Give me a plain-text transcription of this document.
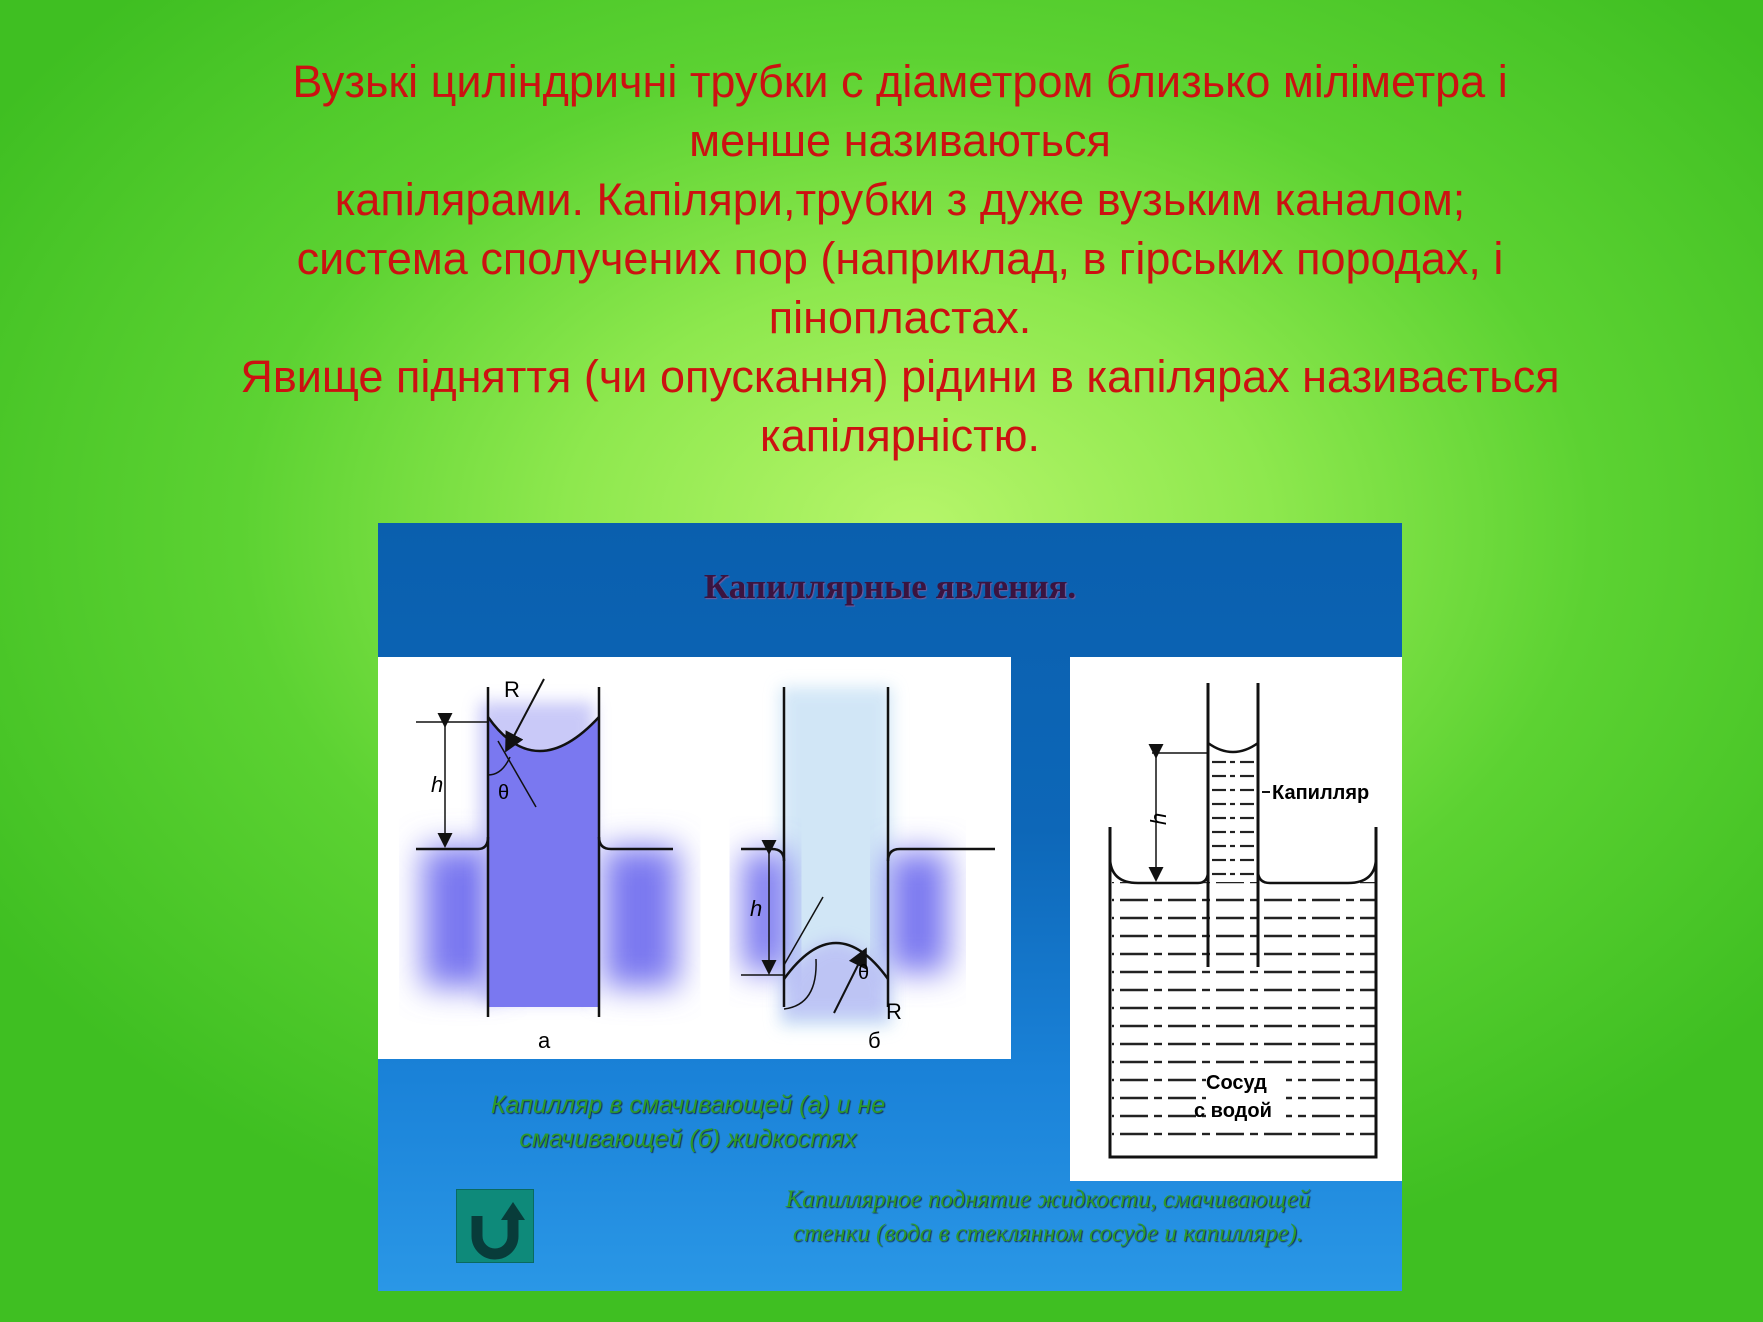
Вузькі циліндричні трубки с діаметром близько міліметра і
менше називаються
капілярами. Капіляри,трубки з дуже вузьким каналом;
система сполучених пор (наприклад, в гірських породах, і
пінопластах.
Явище підняття (чи опускання) рідини в капілярах називається
капілярністю.
Капиллярные явления.
h
R
θ
а
h
θ
R
б
h
Капилляр
Сосуд
с водой
Капилляр в смачивающей (а) и не
смачивающей (б) жидкостях
Капиллярное поднятие жидкости, смачивающей
стенки (вода в стеклянном сосуде и капилляре).
